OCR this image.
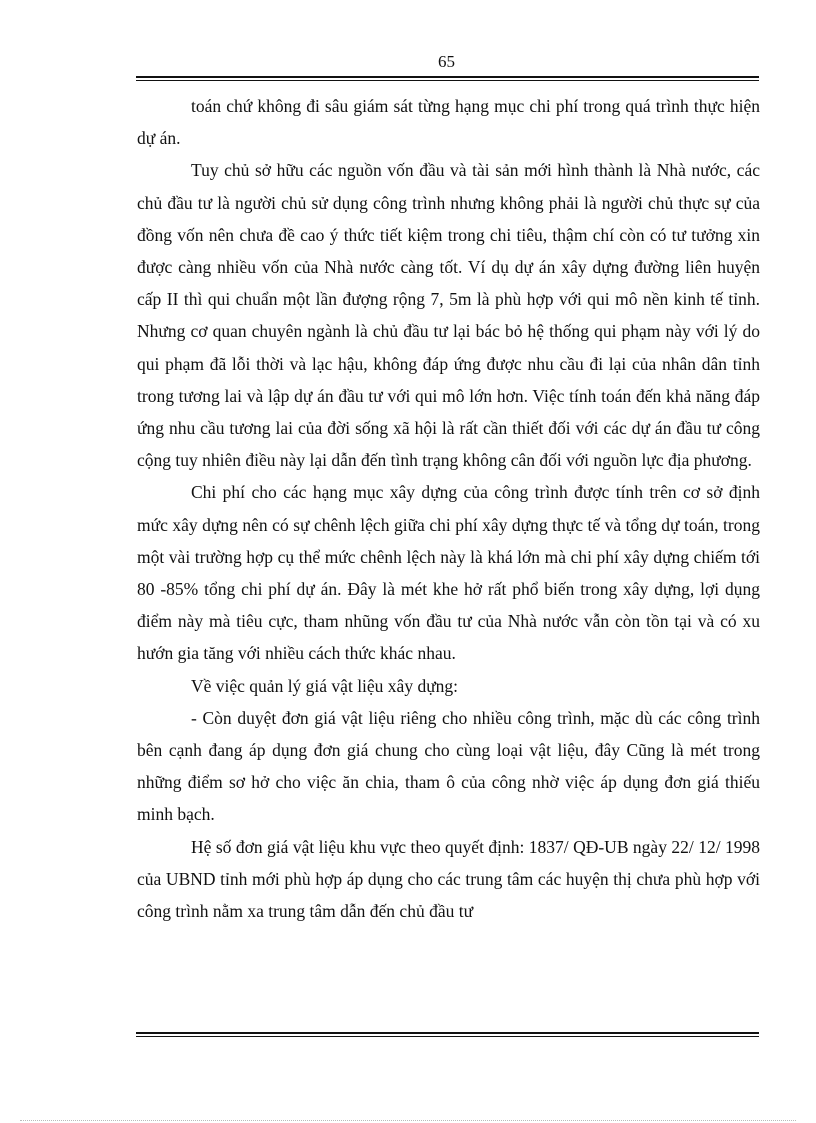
65

toán chứ không đi sâu giám sát từng hạng mục chi phí trong quá trình thực hiện dự án.

Tuy chủ sở hữu các nguồn vốn đầu và tài sản mới hình thành là Nhà nước, các chủ đầu tư là người chủ sử dụng công trình nhưng không phải là người chủ thực sự của đồng vốn nên chưa đề cao ý thức tiết kiệm trong chi tiêu, thậm chí còn có tư tưởng xin được càng nhiều vốn của Nhà nước càng tốt. Ví dụ dự án xây dựng đường liên huyện cấp II thì qui chuẩn một lần đượng rộng 7, 5m là phù hợp với qui mô nền kinh tế tỉnh. Nhưng cơ quan chuyên ngành là chủ đầu tư lại bác bỏ hệ thống qui phạm này với lý do qui phạm đã lỗi thời và lạc hậu, không đáp ứng được nhu cầu đi lại của nhân dân tỉnh trong tương lai và lập dự án đầu tư với qui mô lớn hơn. Việc tính toán đến khả năng đáp ứng nhu cầu tương lai của đời sống xã hội là rất cần thiết đối với các dự án đầu tư công cộng tuy nhiên điều này lại dẫn đến tình trạng không cân đối với nguồn lực địa phương.

Chi phí cho các hạng mục xây dựng của công trình được tính trên cơ sở định mức xây dựng nên có sự chênh lệch giữa chi phí xây dựng thực tế và tổng dự toán, trong một vài trường hợp cụ thể mức chênh lệch này là khá lớn mà chi phí xây dựng chiếm tới 80 -85% tổng chi phí dự án. Đây là mét khe hở rất phổ biến trong xây dựng, lợi dụng điểm này mà tiêu cực, tham nhũng vốn đầu tư của Nhà nước vẫn còn tồn tại và có xu hướn gia tăng với nhiều cách thức khác nhau.

Về việc quản lý giá vật liệu xây dựng:

- Còn duyệt đơn giá vật liệu riêng cho nhiều công trình, mặc dù các công trình bên cạnh đang áp dụng đơn giá chung cho cùng loại vật liệu, đây Cũng là mét trong những điểm sơ hở cho việc ăn chia, tham ô của công nhờ việc áp dụng đơn giá thiếu minh bạch.

Hệ số đơn giá vật liệu khu vực theo quyết định: 1837/ QĐ-UB ngày 22/ 12/ 1998 của UBND tỉnh mới phù hợp áp dụng cho các trung tâm các huyện thị chưa phù hợp với công trình nằm xa trung tâm dẫn đến chủ đầu tư
